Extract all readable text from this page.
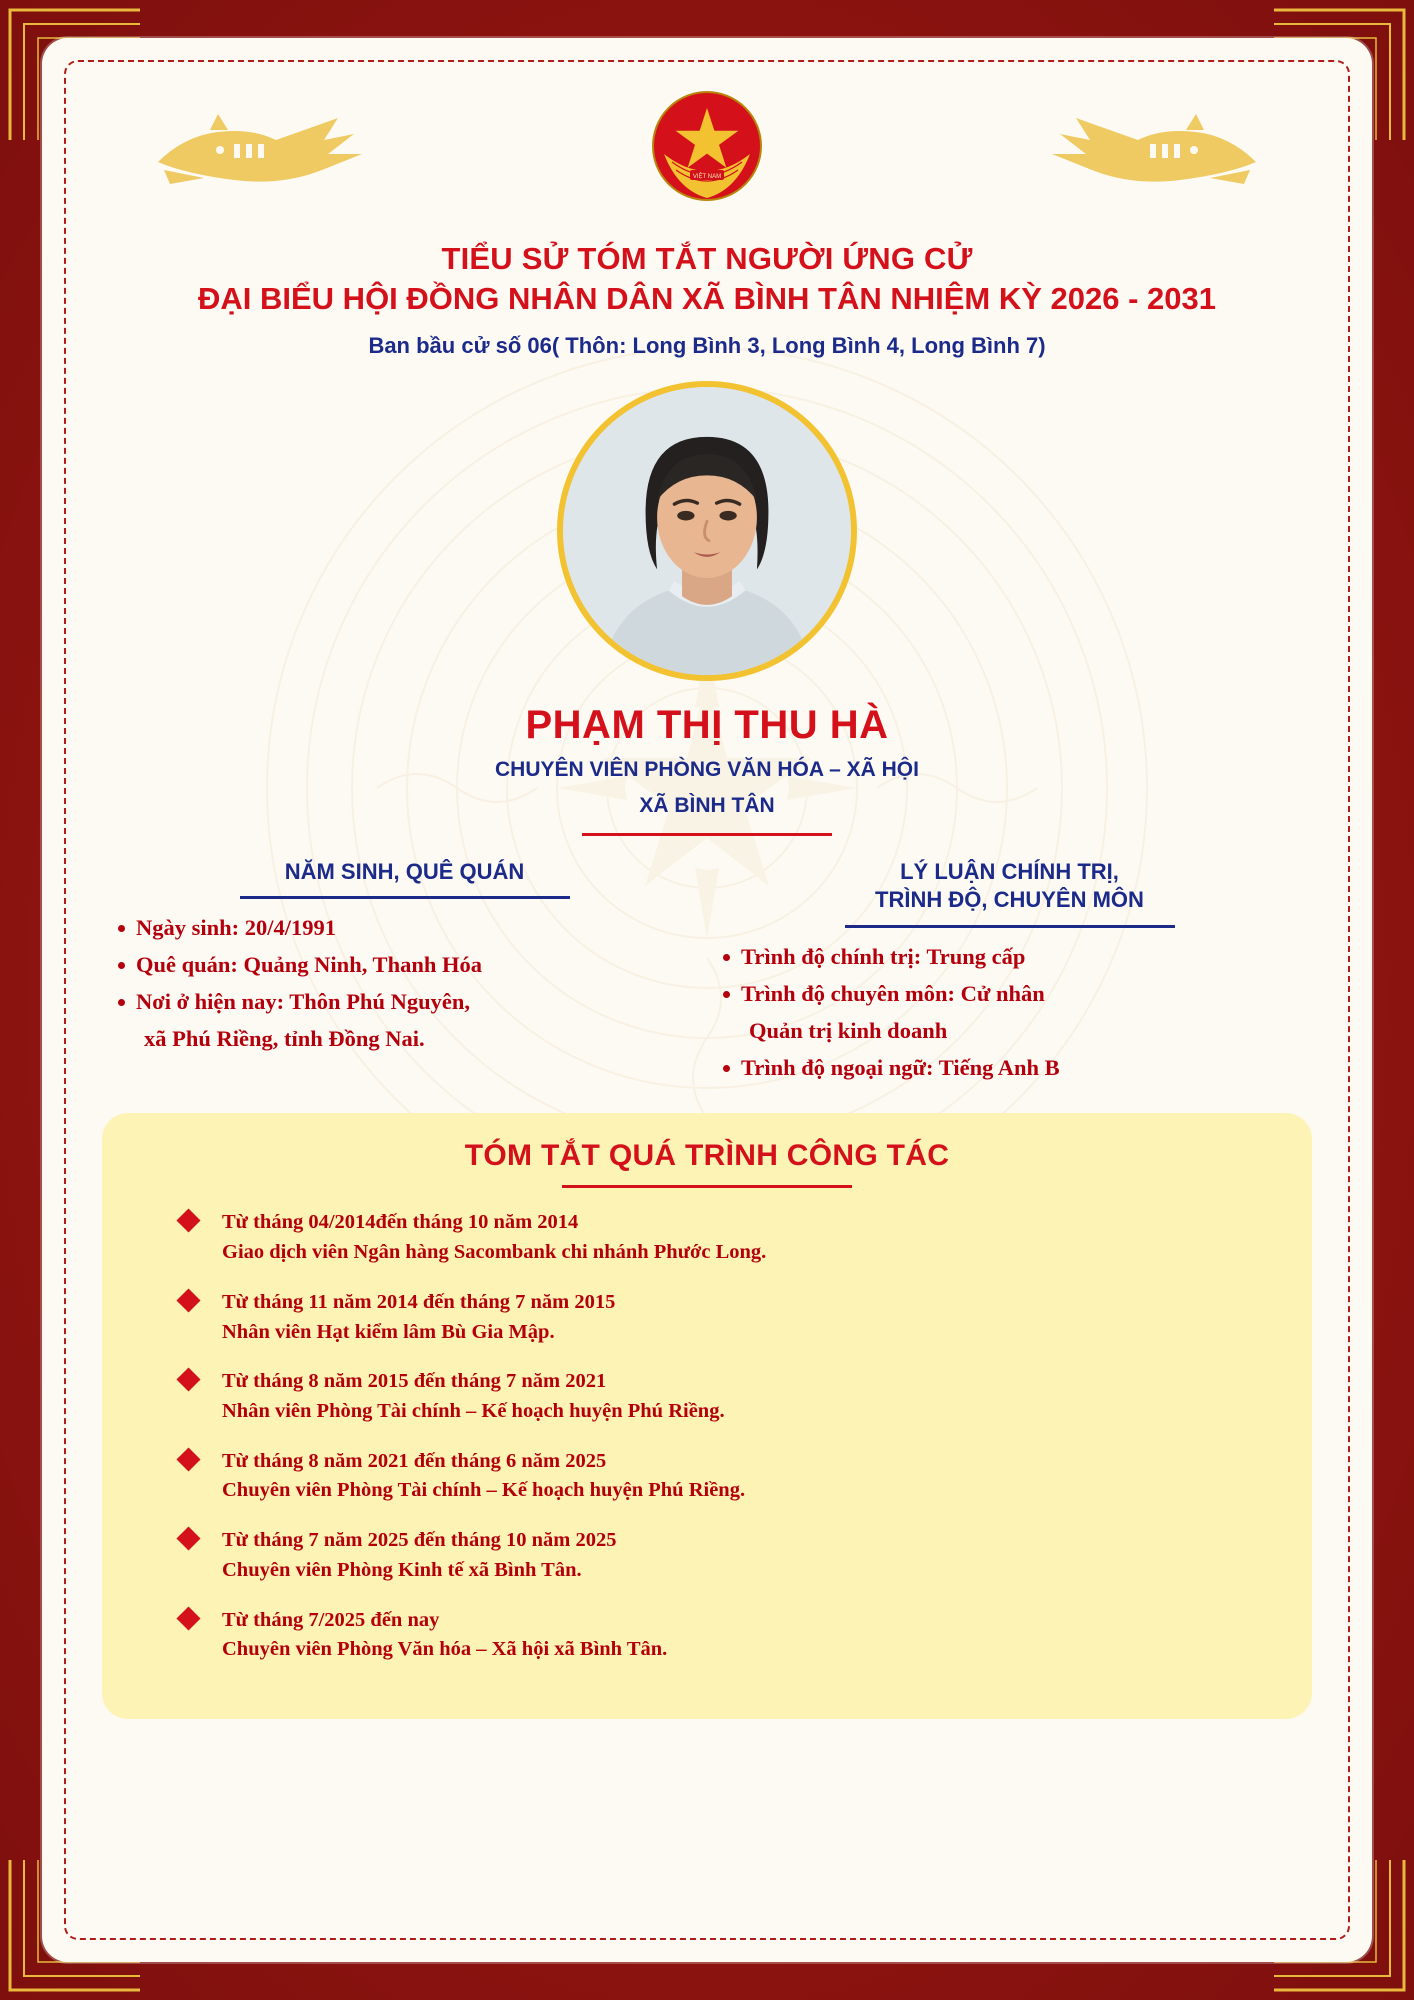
VIỆT NAM
TIỂU SỬ TÓM TẮT NGƯỜI ỨNG CỬ
ĐẠI BIỂU HỘI ĐỒNG NHÂN DÂN XÃ BÌNH TÂN NHIỆM KỲ 2026 - 2031
Ban bầu cử số 06( Thôn: Long Bình 3, Long Bình 4, Long Bình 7)
PHẠM THỊ THU HÀ
CHUYÊN VIÊN PHÒNG VĂN HÓA – XÃ HỘI
XÃ BÌNH TÂN
NĂM SINH, QUÊ QUÁN
Ngày sinh: 20/4/1991
Quê quán: Quảng Ninh, Thanh Hóa
Nơi ở hiện nay: Thôn Phú Nguyên,
xã Phú Riềng, tỉnh Đồng Nai.
LÝ LUẬN CHÍNH TRỊ,
TRÌNH ĐỘ, CHUYÊN MÔN
Trình độ chính trị: Trung cấp
Trình độ chuyên môn: Cử nhân
Quản trị kinh doanh
Trình độ ngoại ngữ: Tiếng Anh B
TÓM TẮT QUÁ TRÌNH CÔNG TÁC
Từ tháng 04/2014đến tháng 10 năm 2014
Giao dịch viên Ngân hàng Sacombank chi nhánh Phước Long.
Từ tháng 11 năm 2014 đến tháng 7 năm 2015
Nhân viên Hạt kiểm lâm Bù Gia Mập.
Từ tháng 8 năm 2015 đến tháng 7 năm 2021
Nhân viên Phòng Tài chính – Kế hoạch huyện Phú Riềng.
Từ tháng 8 năm 2021 đến tháng 6 năm 2025
Chuyên viên Phòng Tài chính – Kế hoạch huyện Phú Riềng.
Từ tháng 7 năm 2025 đến tháng 10 năm 2025
Chuyên viên Phòng Kinh tế xã Bình Tân.
Từ tháng 7/2025 đến nay
Chuyên viên Phòng Văn hóa – Xã hội xã Bình Tân.
